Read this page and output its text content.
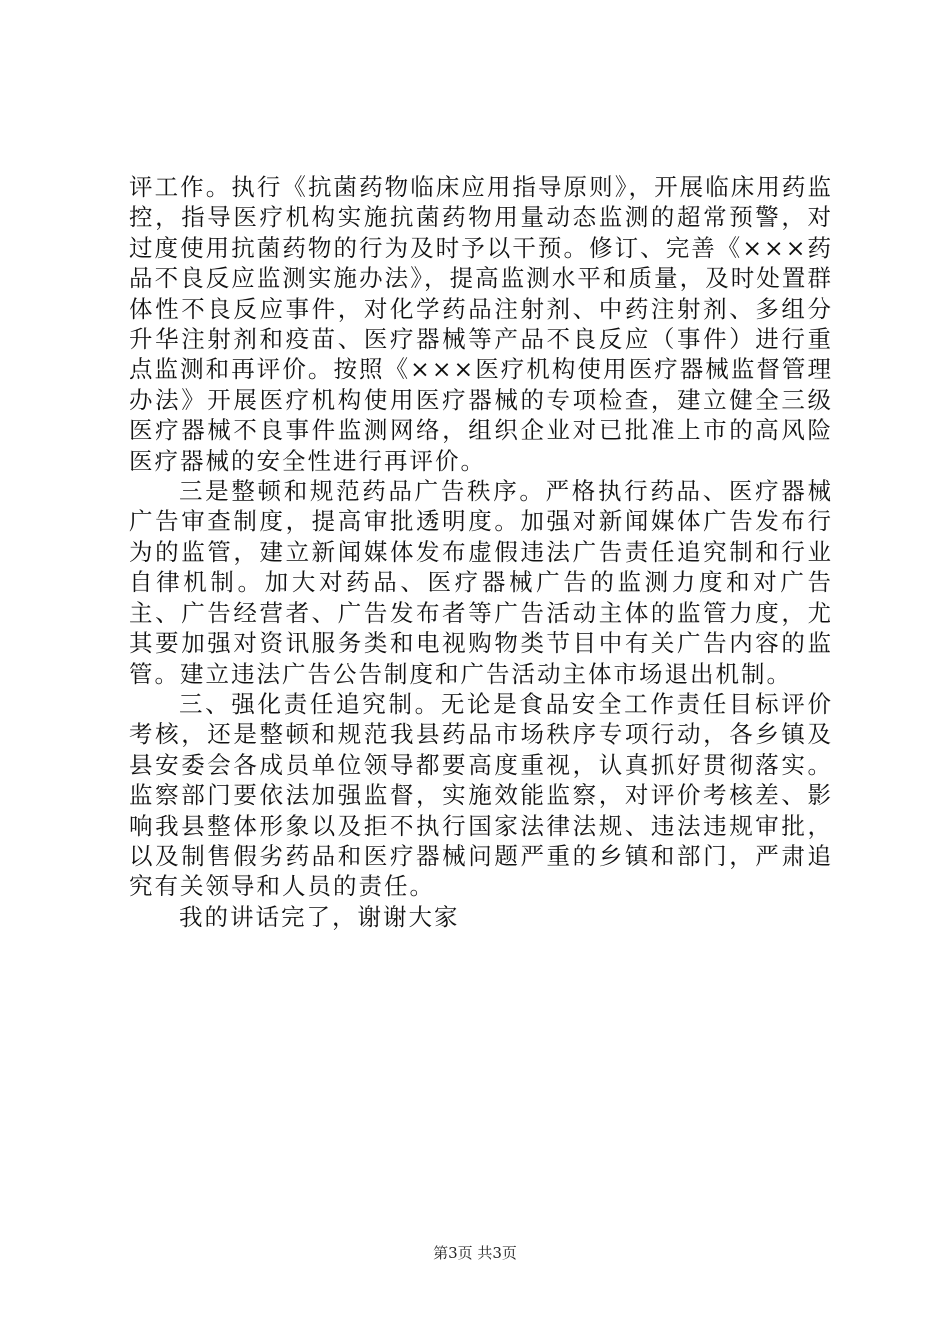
评工作。执行《抗菌药物临床应用指导原则》，开展临床用药监控，指导医疗机构实施抗菌药物用量动态监测的超常预警，对过度使用抗菌药物的行为及时予以干预。修订、完善《×××药品不良反应监测实施办法》，提高监测水平和质量，及时处置群体性不良反应事件，对化学药品注射剂、中药注射剂、多组分升华注射剂和疫苗、医疗器械等产品不良反应（事件）进行重点监测和再评价。按照《×××医疗机构使用医疗器械监督管理办法》开展医疗机构使用医疗器械的专项检查，建立健全三级医疗器械不良事件监测网络，组织企业对已批准上市的高风险医疗器械的安全性进行再评价。

三是整顿和规范药品广告秩序。严格执行药品、医疗器械广告审查制度，提高审批透明度。加强对新闻媒体广告发布行为的监管，建立新闻媒体发布虚假违法广告责任追究制和行业自律机制。加大对药品、医疗器械广告的监测力度和对广告主、广告经营者、广告发布者等广告活动主体的监管力度，尤其要加强对资讯服务类和电视购物类节目中有关广告内容的监管。建立违法广告公告制度和广告活动主体市场退出机制。

三、强化责任追究制。无论是食品安全工作责任目标评价考核，还是整顿和规范我县药品市场秩序专项行动，各乡镇及县安委会各成员单位领导都要高度重视，认真抓好贯彻落实。监察部门要依法加强监督，实施效能监察，对评价考核差、影响我县整体形象以及拒不执行国家法律法规、违法违规审批，以及制售假劣药品和医疗器械问题严重的乡镇和部门，严肃追究有关领导和人员的责任。

我的讲话完了，谢谢大家

第3页 共3页
